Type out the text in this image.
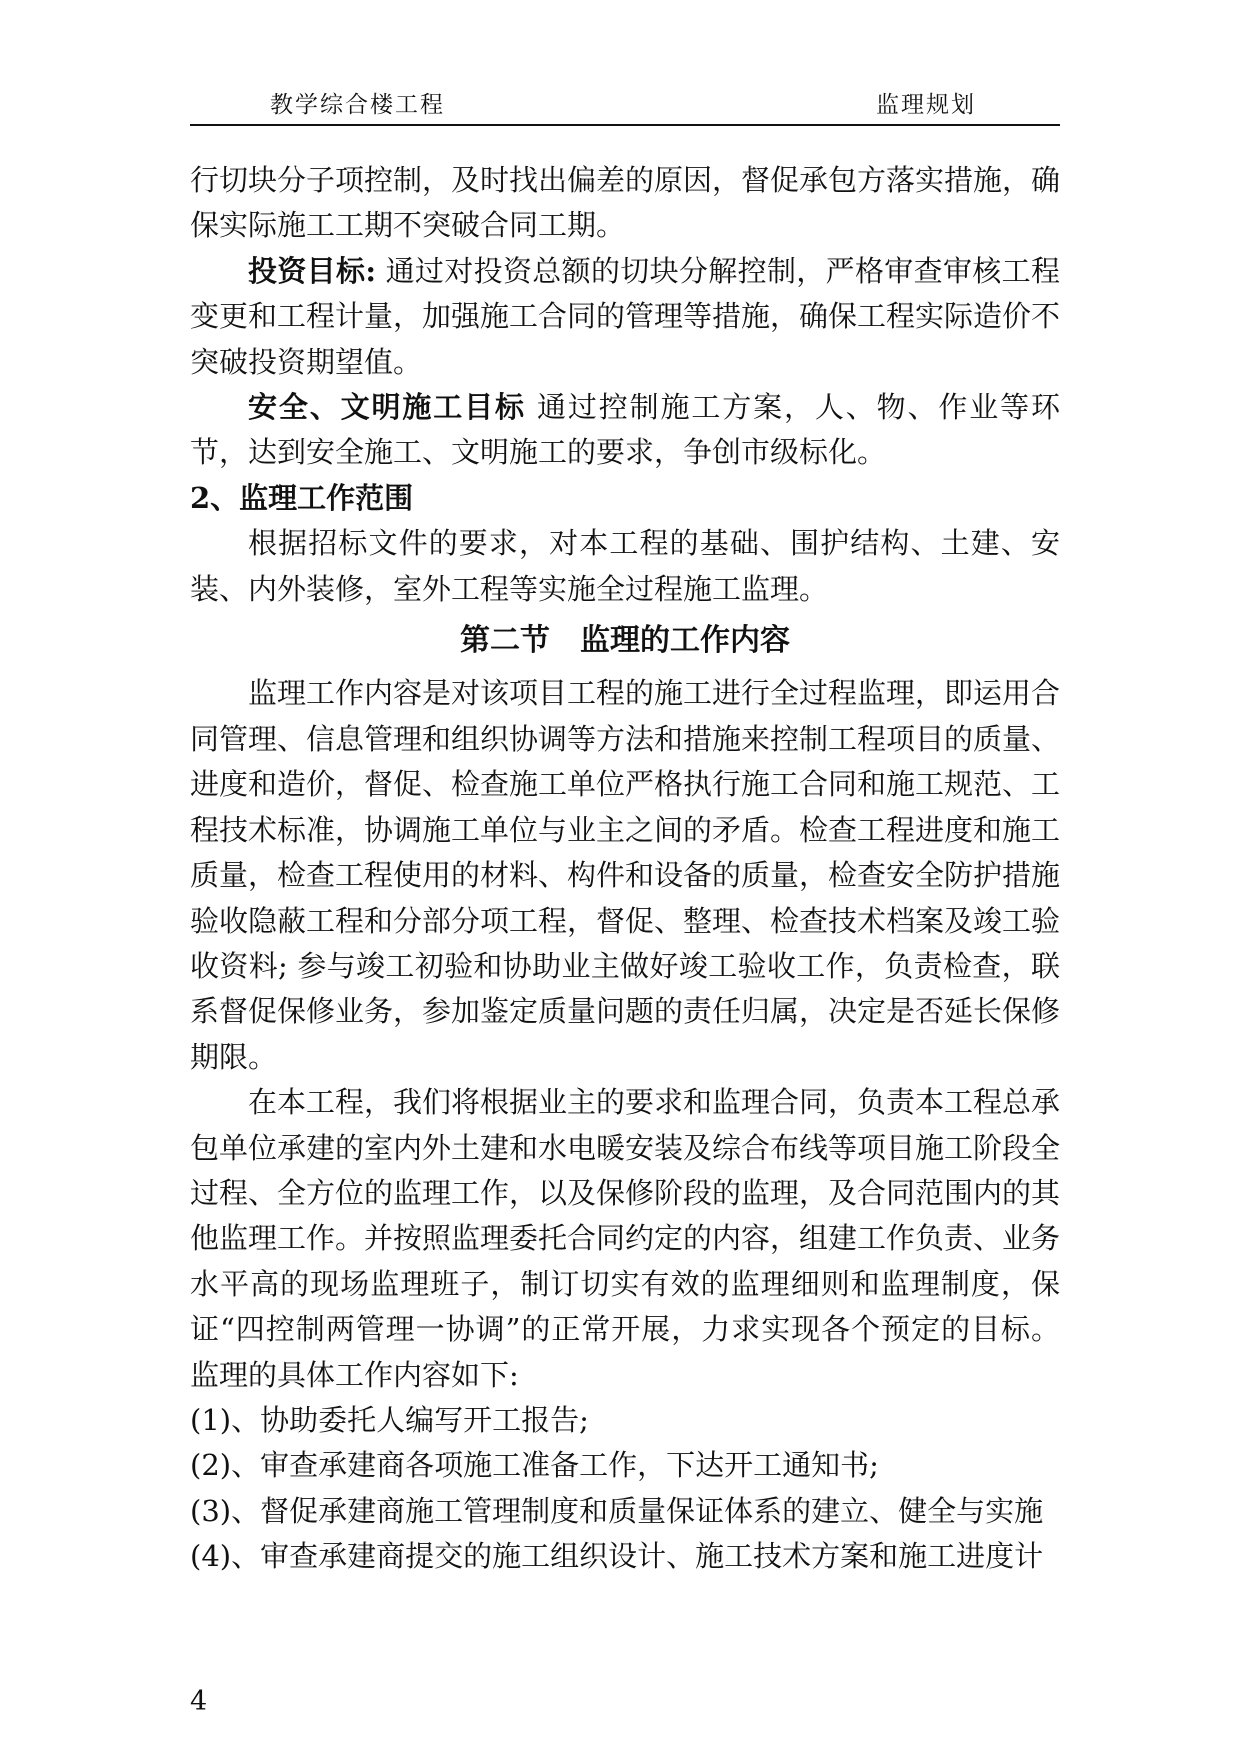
教学综合楼工程	监理规划

行切块分子项控制，及时找出偏差的原因，督促承包方落实措施，确保实际施工工期不突破合同工期。

投资目标: 通过对投资总额的切块分解控制，严格审查审核工程变更和工程计量，加强施工合同的管理等措施，确保工程实际造价不突破投资期望值。

安全、文明施工目标 通过控制施工方案，人、物、作业等环节，达到安全施工、文明施工的要求，争创市级标化。

2、监理工作范围

根据招标文件的要求，对本工程的基础、围护结构、土建、安装、内外装修，室外工程等实施全过程施工监理。

第二节 监理的工作内容

监理工作内容是对该项目工程的施工进行全过程监理，即运用合同管理、信息管理和组织协调等方法和措施来控制工程项目的质量、进度和造价，督促、检查施工单位严格执行施工合同和施工规范、工程技术标准，协调施工单位与业主之间的矛盾。检查工程进度和施工质量，检查工程使用的材料、构件和设备的质量，检查安全防护措施验收隐蔽工程和分部分项工程，督促、整理、检查技术档案及竣工验收资料; 参与竣工初验和协助业主做好竣工验收工作，负责检查，联系督促保修业务，参加鉴定质量问题的责任归属，决定是否延长保修期限。

在本工程，我们将根据业主的要求和监理合同，负责本工程总承包单位承建的室内外土建和水电暖安装及综合布线等项目施工阶段全过程、全方位的监理工作，以及保修阶段的监理，及合同范围内的其他监理工作。并按照监理委托合同约定的内容，组建工作负责、业务水平高的现场监理班子，制订切实有效的监理细则和监理制度，保证“四控制两管理一协调”的正常开展，力求实现各个预定的目标。监理的具体工作内容如下:

(1)、协助委托人编写开工报告;

(2)、审查承建商各项施工准备工作，下达开工通知书;

(3)、督促承建商施工管理制度和质量保证体系的建立、健全与实施

(4)、审查承建商提交的施工组织设计、施工技术方案和施工进度计

4
